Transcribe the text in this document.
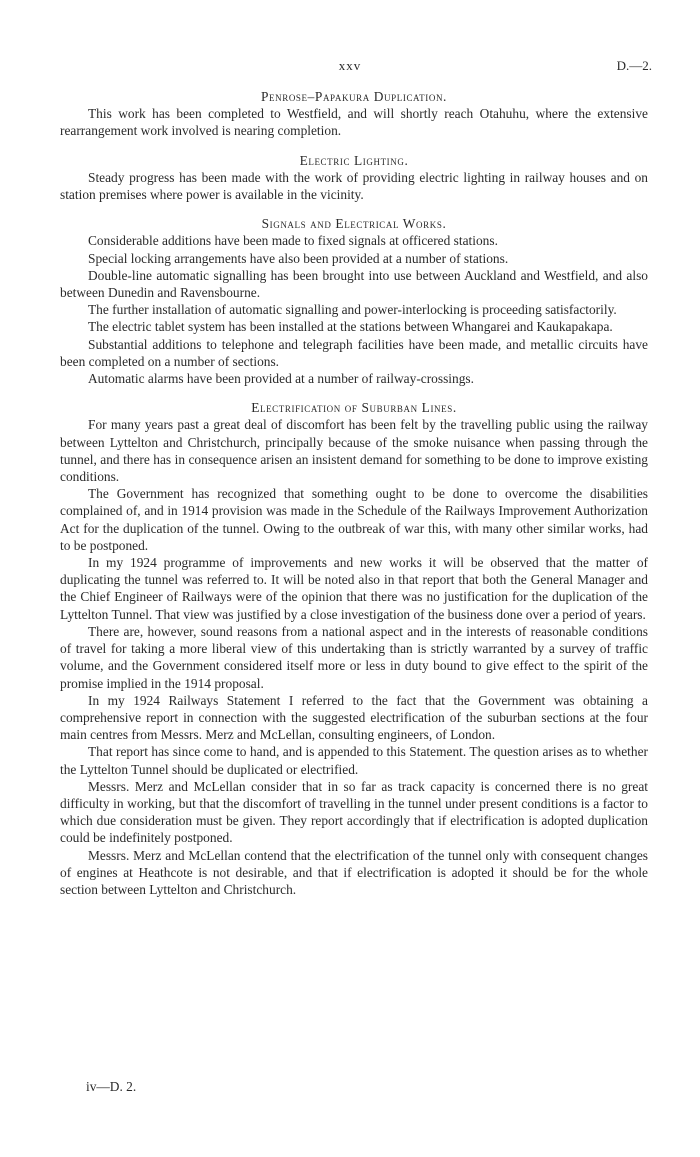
xxv	D.—2.
Penrose–Papakura Duplication.

This work has been completed to Westfield, and will shortly reach Otahuhu, where the extensive rearrangement work involved is nearing completion.

Electric Lighting.

Steady progress has been made with the work of providing electric lighting in railway houses and on station premises where power is available in the vicinity.

Signals and Electrical Works.

Considerable additions have been made to fixed signals at officered stations.

Special locking arrangements have also been provided at a number of stations.

Double-line automatic signalling has been brought into use between Auckland and Westfield, and also between Dunedin and Ravensbourne.

The further installation of automatic signalling and power-interlocking is proceeding satisfactorily.

The electric tablet system has been installed at the stations between Whangarei and Kaukapakapa.

Substantial additions to telephone and telegraph facilities have been made, and metallic circuits have been completed on a number of sections.

Automatic alarms have been provided at a number of railway-crossings.

Electrification of Suburban Lines.

For many years past a great deal of discomfort has been felt by the travelling public using the railway between Lyttelton and Christchurch, principally because of the smoke nuisance when passing through the tunnel, and there has in consequence arisen an insistent demand for something to be done to improve existing conditions.

The Government has recognized that something ought to be done to overcome the disabilities complained of, and in 1914 provision was made in the Schedule of the Railways Improvement Authorization Act for the duplication of the tunnel. Owing to the outbreak of war this, with many other similar works, had to be postponed.

In my 1924 programme of improvements and new works it will be observed that the matter of duplicating the tunnel was referred to. It will be noted also in that report that both the General Manager and the Chief Engineer of Railways were of the opinion that there was no justification for the duplication of the Lyttelton Tunnel. That view was justified by a close investigation of the business done over a period of years.

There are, however, sound reasons from a national aspect and in the interests of reasonable conditions of travel for taking a more liberal view of this undertaking than is strictly warranted by a survey of traffic volume, and the Government considered itself more or less in duty bound to give effect to the spirit of the promise implied in the 1914 proposal.

In my 1924 Railways Statement I referred to the fact that the Government was obtaining a comprehensive report in connection with the suggested electrification of the suburban sections at the four main centres from Messrs. Merz and McLellan, consulting engineers, of London.

That report has since come to hand, and is appended to this Statement. The question arises as to whether the Lyttelton Tunnel should be duplicated or electrified.

Messrs. Merz and McLellan consider that in so far as track capacity is concerned there is no great difficulty in working, but that the discomfort of travelling in the tunnel under present conditions is a factor to which due consideration must be given. They report accordingly that if electrification is adopted duplication could be indefinitely postponed.

Messrs. Merz and McLellan contend that the electrification of the tunnel only with consequent changes of engines at Heathcote is not desirable, and that if electrification is adopted it should be for the whole section between Lyttelton and Christchurch.

iv—D. 2.
